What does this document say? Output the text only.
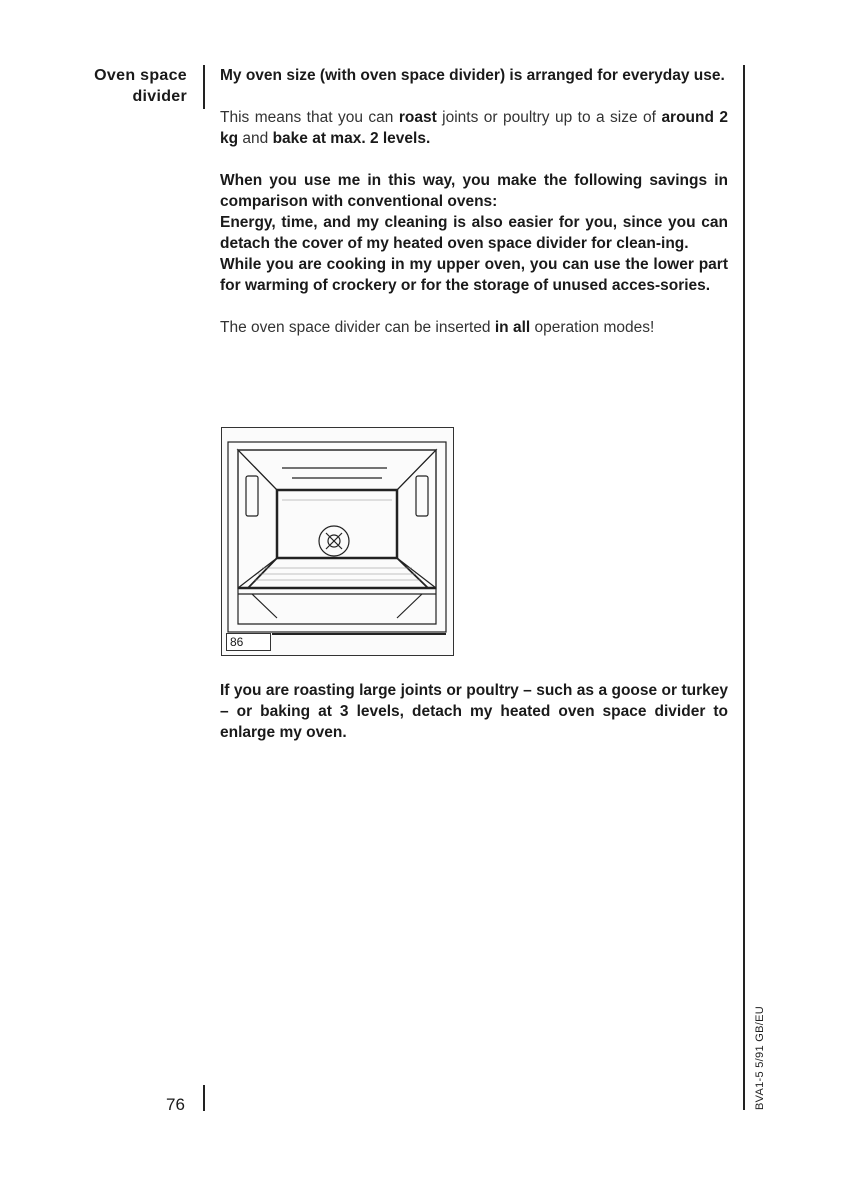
Oven space
divider

My oven size (with oven space divider) is arranged for everyday use.

This means that you can roast joints or poultry up to a size of around 2 kg and bake at max. 2 levels.

When you use me in this way, you make the following savings in comparison with conventional ovens:

Energy, time, and my cleaning is also easier for you, since you can detach the cover of my heated oven space divider for clean-ing.

While you are cooking in my upper oven, you can use the lower part for warming of crockery or for the storage of unused acces-sories.

The oven space divider can be inserted in all operation modes!

86
If you are roasting large joints or poultry – such as a goose or turkey – or baking at 3 levels, detach my heated oven space divider to enlarge my oven.
76	BVA1-5 5/91 GB/EU
